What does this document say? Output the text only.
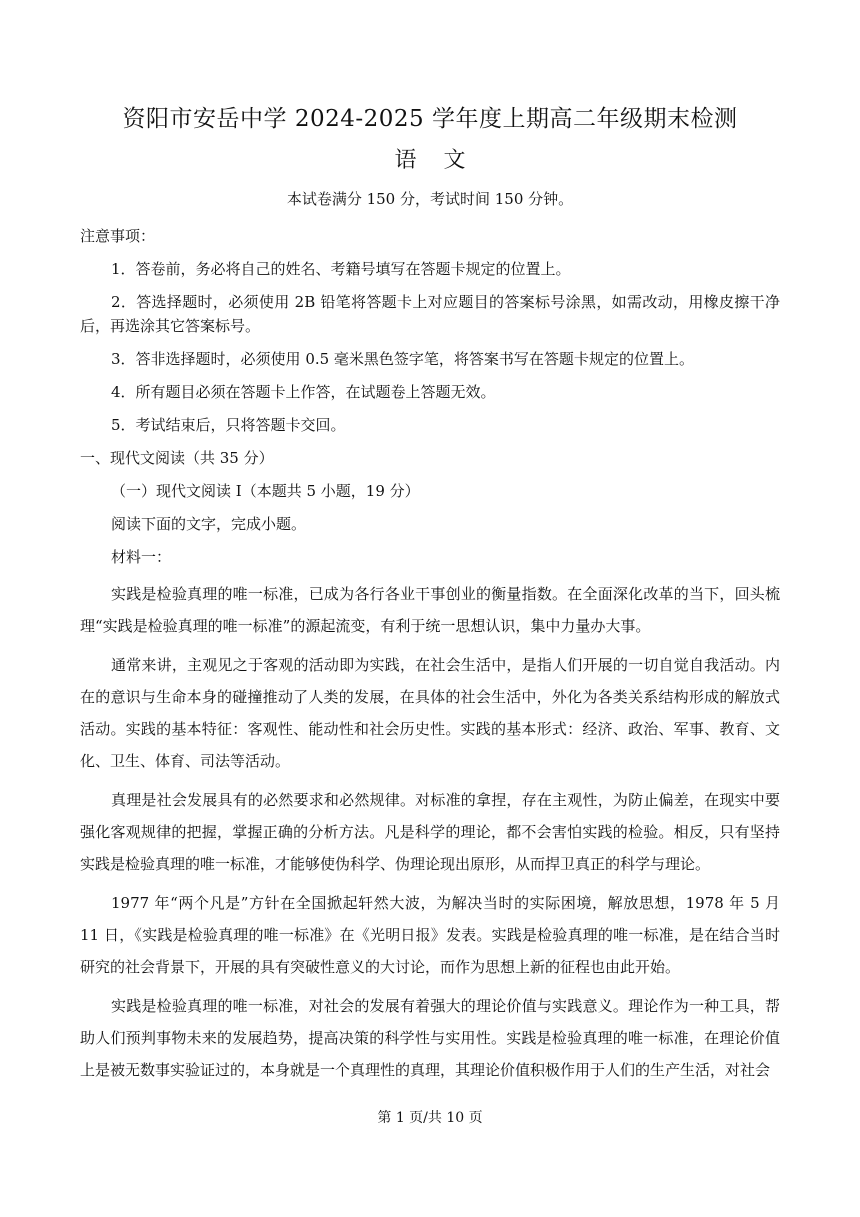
资阳市安岳中学 2024-2025 学年度上期高二年级期末检测
语 文
本试卷满分 150 分，考试时间 150 分钟。

注意事项：

1．答卷前，务必将自己的姓名、考籍号填写在答题卡规定的位置上。

2．答选择题时，必须使用 2B 铅笔将答题卡上对应题目的答案标号涂黑，如需改动，用橡皮擦干净后，再选涂其它答案标号。

3．答非选择题时，必须使用 0.5 毫米黑色签字笔，将答案书写在答题卡规定的位置上。

4．所有题目必须在答题卡上作答，在试题卷上答题无效。

5．考试结束后，只将答题卡交回。

一、现代文阅读（共 35 分）

（一）现代文阅读 I（本题共 5 小题，19 分）

阅读下面的文字，完成小题。

材料一：

实践是检验真理的唯一标准，已成为各行各业干事创业的衡量指数。在全面深化改革的当下，回头梳理“实践是检验真理的唯一标准”的源起流变，有利于统一思想认识，集中力量办大事。

通常来讲，主观见之于客观的活动即为实践，在社会生活中，是指人们开展的一切自觉自我活动。内在的意识与生命本身的碰撞推动了人类的发展，在具体的社会生活中，外化为各类关系结构形成的解放式活动。实践的基本特征：客观性、能动性和社会历史性。实践的基本形式：经济、政治、军事、教育、文化、卫生、体育、司法等活动。

真理是社会发展具有的必然要求和必然规律。对标准的拿捏，存在主观性，为防止偏差，在现实中要强化客观规律的把握，掌握正确的分析方法。凡是科学的理论，都不会害怕实践的检验。相反，只有坚持实践是检验真理的唯一标准，才能够使伪科学、伪理论现出原形，从而捍卫真正的科学与理论。

1977 年“两个凡是”方针在全国掀起轩然大波，为解决当时的实际困境，解放思想，1978 年 5 月 11 日，《实践是检验真理的唯一标准》在《光明日报》发表。实践是检验真理的唯一标准，是在结合当时研究的社会背景下，开展的具有突破性意义的大讨论，而作为思想上新的征程也由此开始。

实践是检验真理的唯一标准，对社会的发展有着强大的理论价值与实践意义。理论作为一种工具，帮助人们预判事物未来的发展趋势，提高决策的科学性与实用性。实践是检验真理的唯一标准，在理论价值上是被无数事实验证过的，本身就是一个真理性的真理，其理论价值积极作用于人们的生产生活，对社会

第 1 页/共 10 页
